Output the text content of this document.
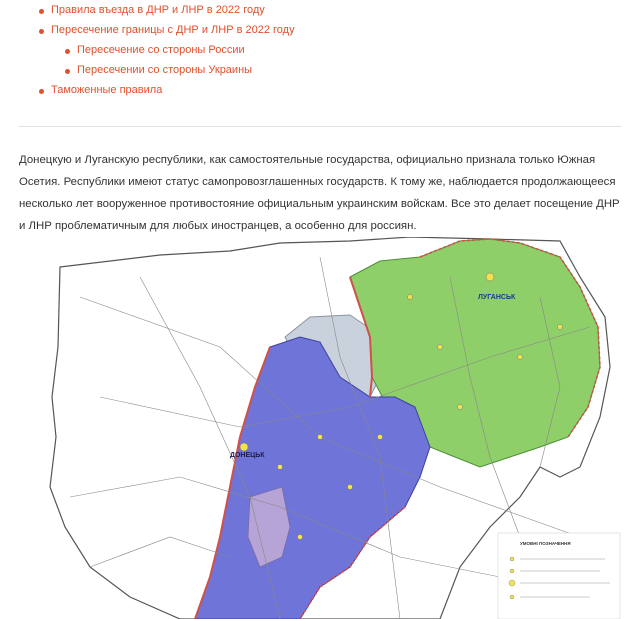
Правила въезда в ДНР и ЛНР в 2022 году
Пересечение границы с ДНР и ЛНР в 2022 году
Пересечение со стороны России
Пересечении со стороны Украины
Таможенные правила

Донецкую и Луганскую республики, как самостоятельные государства, официально признала только Южная

Осетия. Республики имеют статус самопровозглашенных государств. К тому же, наблюдается продолжающееся

несколько лет вооруженное противостояние официальным украинским войскам. Все это делает посещение ДНР

и ЛНР проблематичным для любых иностранцев, а особенно для россиян.

ЛУГАНСЬК
ДОНЕЦЬК
УМОВНI ПОЗНАЧЕННЯ
